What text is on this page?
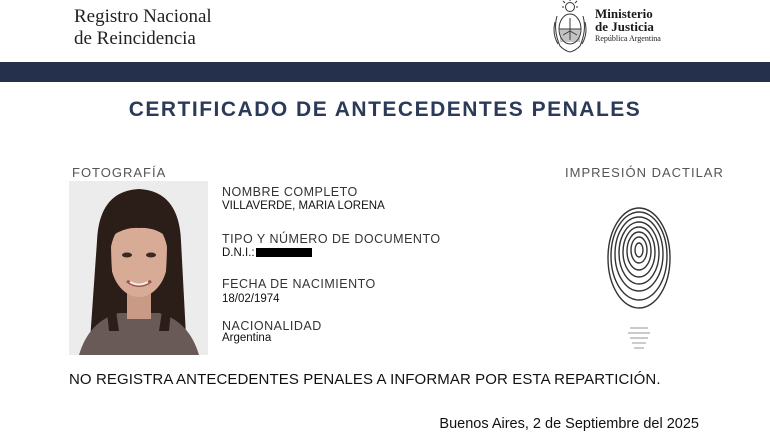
Registro Nacional
de Reincidencia
Ministerio
de Justicia
República Argentina
CERTIFICADO DE ANTECEDENTES PENALES
FOTOGRAFÍA	IMPRESIÓN DACTILAR
NOMBRE COMPLETO
VILLAVERDE, MARIA LORENA
TIPO Y NÚMERO DE DOCUMENTO
D.N.I.:
FECHA DE NACIMIENTO
18/02/1974
NACIONALIDAD
Argentina
NO REGISTRA ANTECEDENTES PENALES A INFORMAR POR ESTA REPARTICIÓN.
Buenos Aires, 2 de Septiembre del 2025
